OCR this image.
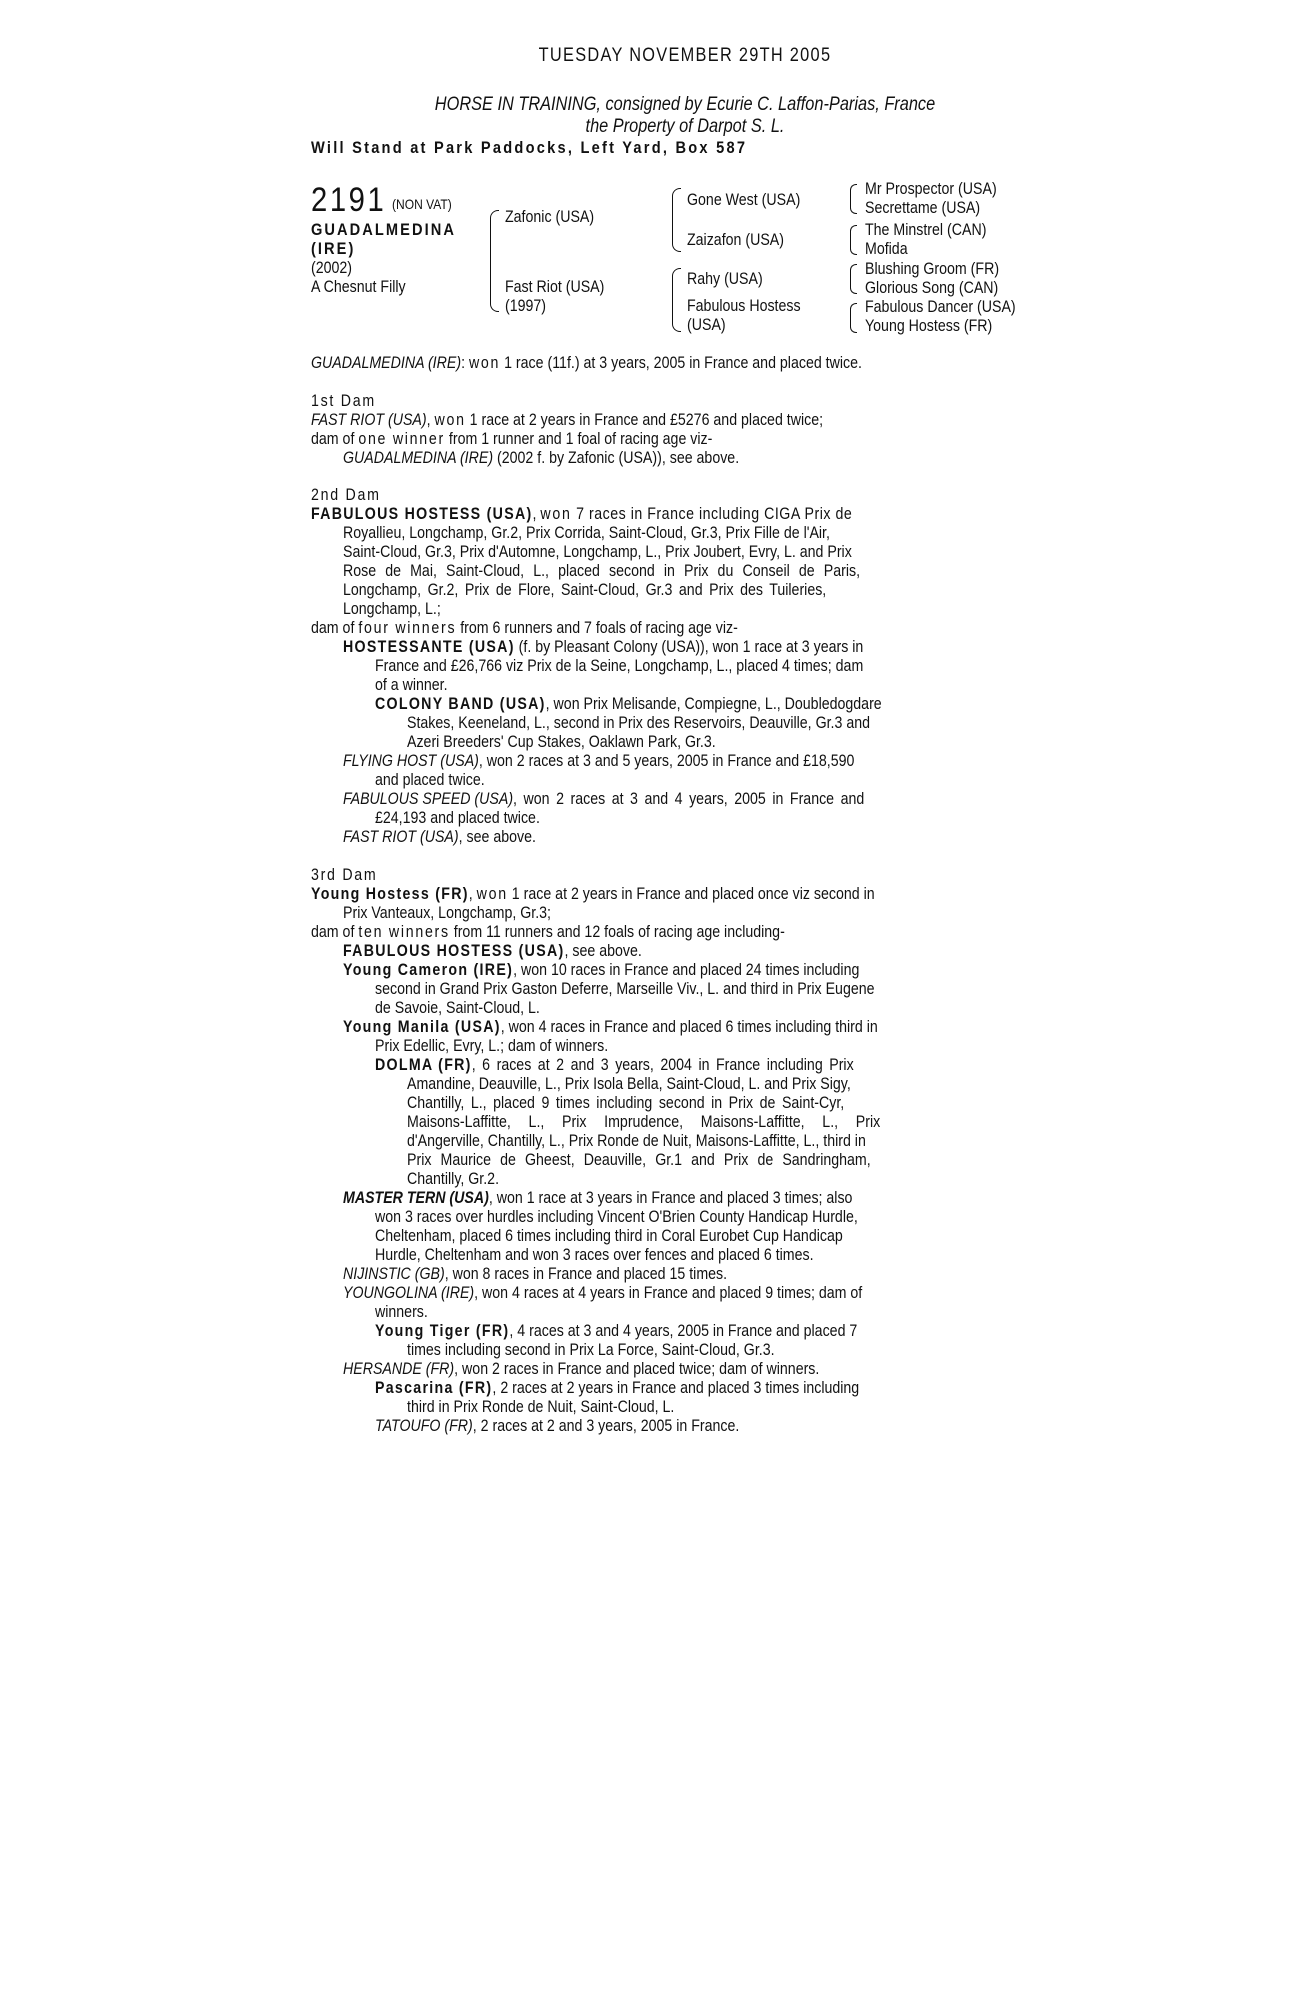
TUESDAY NOVEMBER 29TH 2005
HORSE IN TRAINING, consigned by Ecurie C. Laffon-Parias, France
the Property of Darpot S. L.
Will Stand at Park Paddocks, Left Yard, Box 587
2191 (NON VAT)
GUADALMEDINA
(IRE)
(2002)
A Chesnut Filly
Zafonic (USA)
Fast Riot (USA)
(1997)
Gone West (USA)
Zaizafon (USA)
Rahy (USA)
Fabulous Hostess
(USA)
Mr Prospector (USA)
Secrettame (USA)
The Minstrel (CAN)
Mofida
Blushing Groom (FR)
Glorious Song (CAN)
Fabulous Dancer (USA)
Young Hostess (FR)
GUADALMEDINA (IRE): won 1 race (11f.) at 3 years, 2005 in France and placed twice.
1st Dam
FAST RIOT (USA), won 1 race at 2 years in France and £5276 and placed twice;
dam of one winner from 1 runner and 1 foal of racing age viz-
GUADALMEDINA (IRE) (2002 f. by Zafonic (USA)), see above.
2nd Dam
FABULOUS HOSTESS (USA), won 7 races in France including CIGA Prix de
Royallieu, Longchamp, Gr.2, Prix Corrida, Saint-Cloud, Gr.3, Prix Fille de l'Air,
Saint-Cloud, Gr.3, Prix d'Automne, Longchamp, L., Prix Joubert, Evry, L. and Prix
Rose de Mai, Saint-Cloud, L., placed second in Prix du Conseil de Paris,
Longchamp, Gr.2, Prix de Flore, Saint-Cloud, Gr.3 and Prix des Tuileries,
Longchamp, L.;
dam of four winners from 6 runners and 7 foals of racing age viz-
HOSTESSANTE (USA) (f. by Pleasant Colony (USA)), won 1 race at 3 years in
France and £26,766 viz Prix de la Seine, Longchamp, L., placed 4 times; dam
of a winner.
COLONY BAND (USA), won Prix Melisande, Compiegne, L., Doubledogdare
Stakes, Keeneland, L., second in Prix des Reservoirs, Deauville, Gr.3 and
Azeri Breeders' Cup Stakes, Oaklawn Park, Gr.3.
FLYING HOST (USA), won 2 races at 3 and 5 years, 2005 in France and £18,590
and placed twice.
FABULOUS SPEED (USA), won 2 races at 3 and 4 years, 2005 in France and
£24,193 and placed twice.
FAST RIOT (USA), see above.
3rd Dam
Young Hostess (FR), won 1 race at 2 years in France and placed once viz second in
Prix Vanteaux, Longchamp, Gr.3;
dam of ten winners from 11 runners and 12 foals of racing age including-
FABULOUS HOSTESS (USA), see above.
Young Cameron (IRE), won 10 races in France and placed 24 times including
second in Grand Prix Gaston Deferre, Marseille Viv., L. and third in Prix Eugene
de Savoie, Saint-Cloud, L.
Young Manila (USA), won 4 races in France and placed 6 times including third in
Prix Edellic, Evry, L.; dam of winners.
DOLMA (FR), 6 races at 2 and 3 years, 2004 in France including Prix
Amandine, Deauville, L., Prix Isola Bella, Saint-Cloud, L. and Prix Sigy,
Chantilly, L., placed 9 times including second in Prix de Saint-Cyr,
Maisons-Laffitte, L., Prix Imprudence, Maisons-Laffitte, L., Prix
d'Angerville, Chantilly, L., Prix Ronde de Nuit, Maisons-Laffitte, L., third in
Prix Maurice de Gheest, Deauville, Gr.1 and Prix de Sandringham,
Chantilly, Gr.2.
MASTER TERN (USA), won 1 race at 3 years in France and placed 3 times; also
won 3 races over hurdles including Vincent O'Brien County Handicap Hurdle,
Cheltenham, placed 6 times including third in Coral Eurobet Cup Handicap
Hurdle, Cheltenham and won 3 races over fences and placed 6 times.
NIJINSTIC (GB), won 8 races in France and placed 15 times.
YOUNGOLINA (IRE), won 4 races at 4 years in France and placed 9 times; dam of
winners.
Young Tiger (FR), 4 races at 3 and 4 years, 2005 in France and placed 7
times including second in Prix La Force, Saint-Cloud, Gr.3.
HERSANDE (FR), won 2 races in France and placed twice; dam of winners.
Pascarina (FR), 2 races at 2 years in France and placed 3 times including
third in Prix Ronde de Nuit, Saint-Cloud, L.
TATOUFO (FR), 2 races at 2 and 3 years, 2005 in France.
